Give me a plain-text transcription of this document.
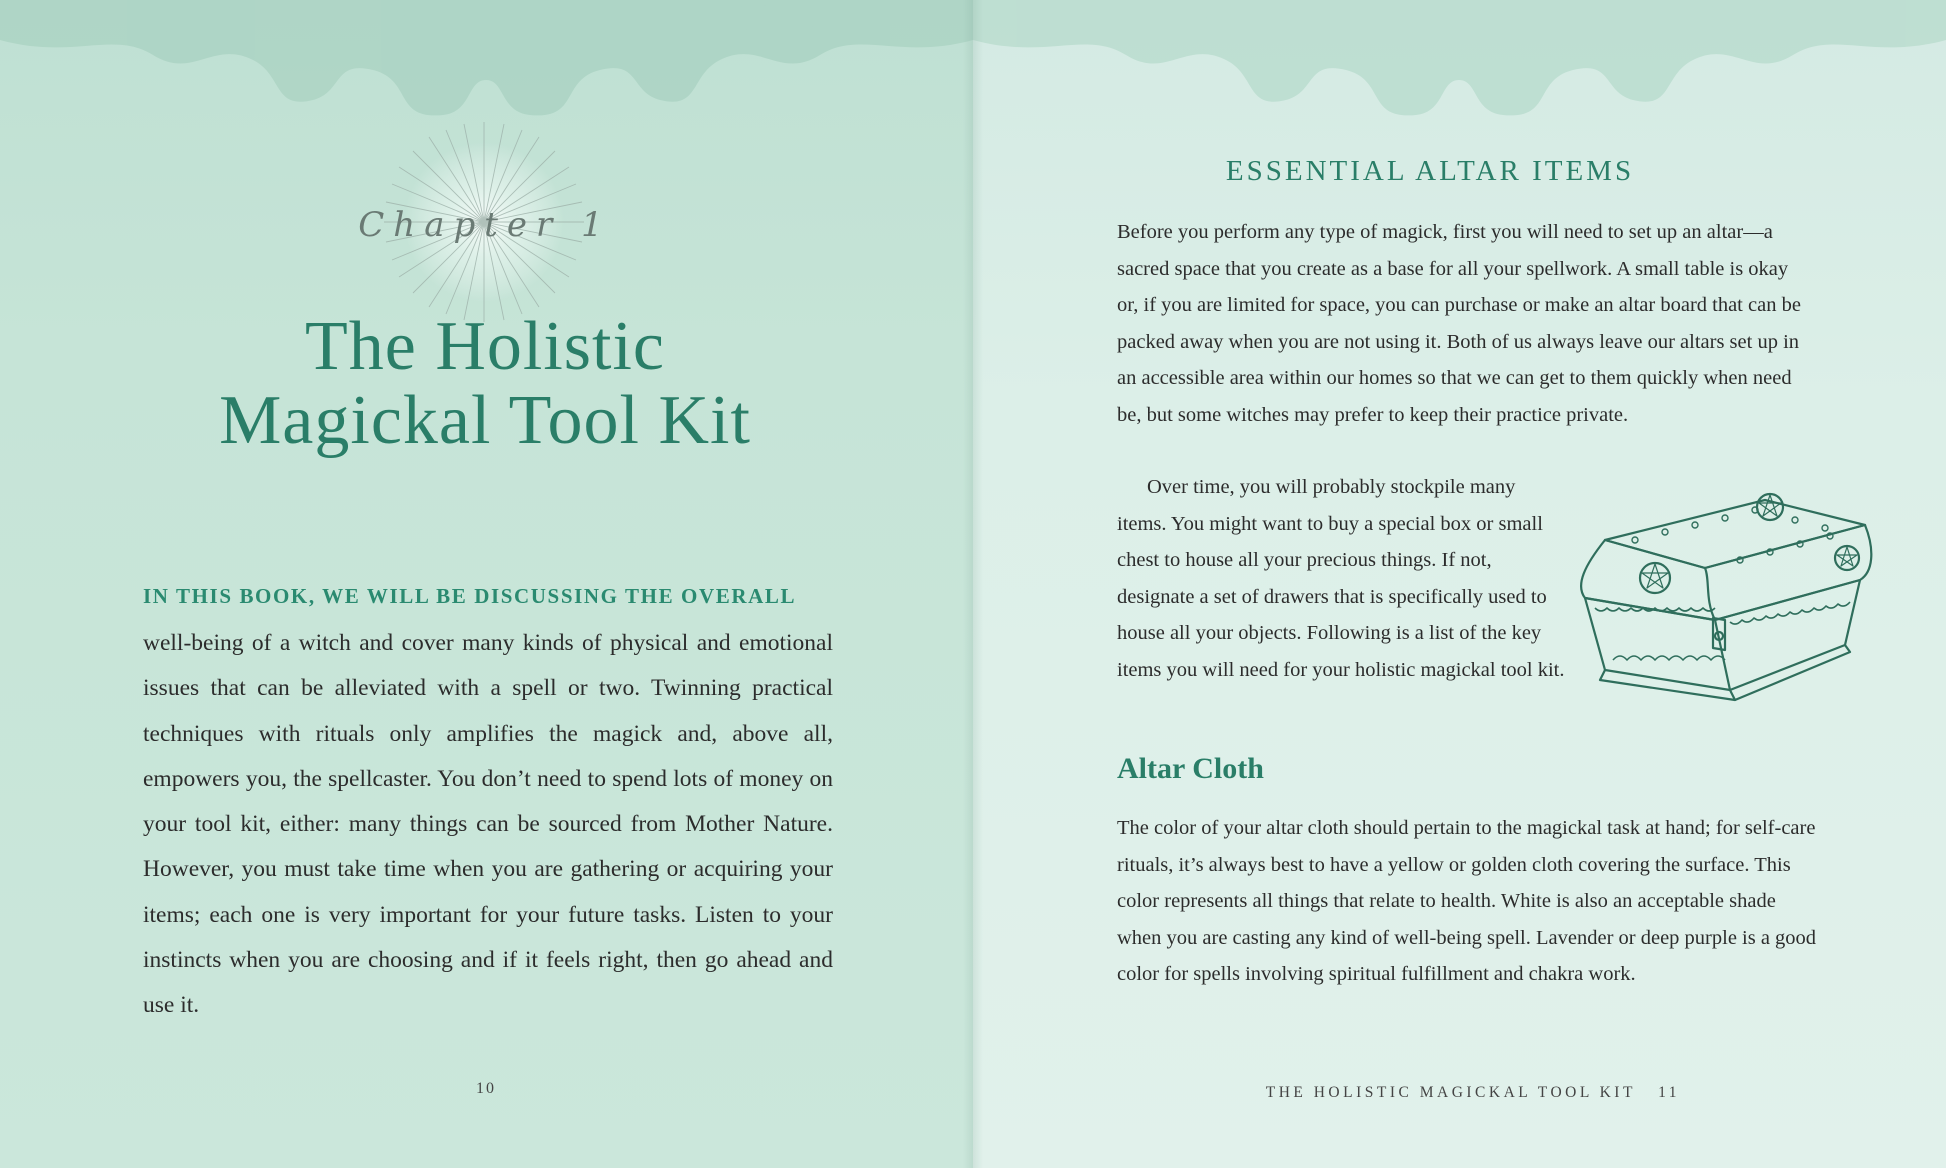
Chapter 1
The Holistic
Magickal Tool Kit

IN THIS BOOK, WE WILL BE DISCUSSING THE OVERALL

well-being of a witch and cover many kinds of physical and emotional issues that can be alleviated with a spell or two. Twinning practical techniques with rituals only amplifies the magick and, above all, empowers you, the spellcaster. You don’t need to spend lots of money on your tool kit, either: many things can be sourced from Mother Nature. However, you must take time when you are gathering or acquiring your items; each one is very important for your future tasks. Listen to your instincts when you are choosing and if it feels right, then go ahead and use it.

10
ESSENTIAL ALTAR ITEMS

Before you perform any type of magick, first you will need to set up an altar—a sacred space that you create as a base for all your spellwork. A small table is okay or, if you are limited for space, you can purchase or make an altar board that can be packed away when you are not using it. Both of us always leave our altars set up in an accessible area within our homes so that we can get to them quickly when need be, but some witches may prefer to keep their practice private.

Over time, you will probably stockpile many items. You might want to buy a special box or small chest to house all your precious things. If not, designate a set of drawers that is specifically used to house all your objects. Following is a list of the key items you will need for your holistic magickal tool kit.

Altar Cloth

The color of your altar cloth should pertain to the magickal task at hand; for self-care rituals, it’s always best to have a yellow or golden cloth covering the surface. This color represents all things that relate to health. White is also an acceptable shade when you are casting any kind of well-being spell. Lavender or deep purple is a good color for spells involving spiritual fulfillment and chakra work.

THE HOLISTIC MAGICKAL TOOL KIT 11
